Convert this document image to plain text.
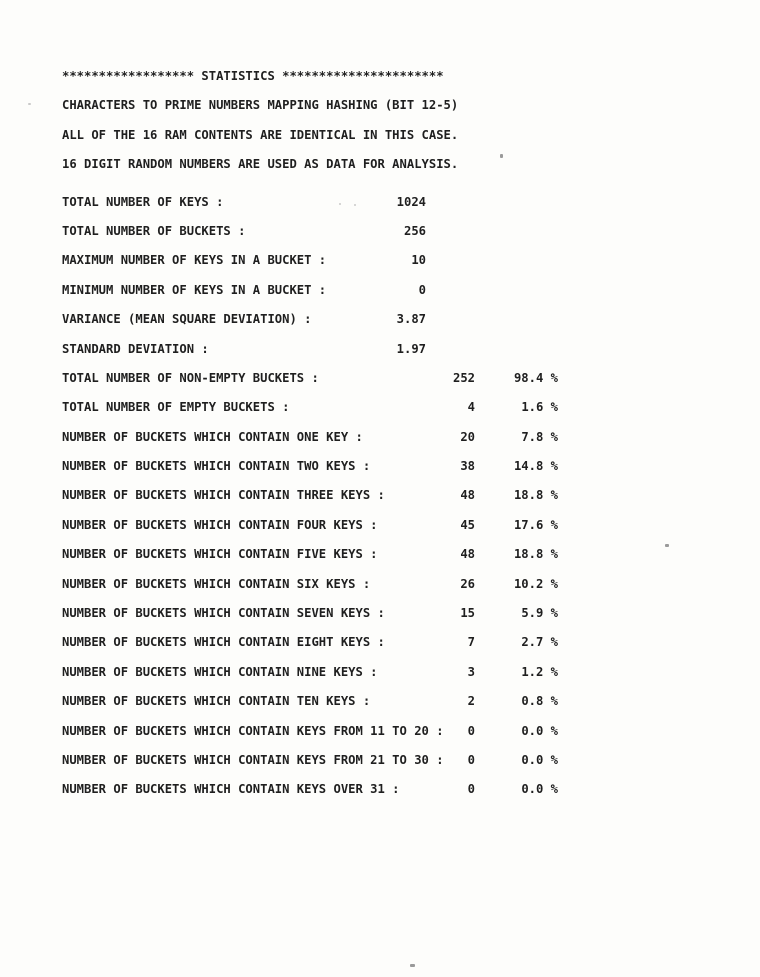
****************** STATISTICS **********************
CHARACTERS TO PRIME NUMBERS MAPPING HASHING (BIT 12-5)
ALL OF THE 16 RAM CONTENTS ARE IDENTICAL IN THIS CASE.
16 DIGIT RANDOM NUMBERS ARE USED AS DATA FOR ANALYSIS.
TOTAL NUMBER OF KEYS :	1024
TOTAL NUMBER OF BUCKETS :	256
MAXIMUM NUMBER OF KEYS IN A BUCKET :	10
MINIMUM NUMBER OF KEYS IN A BUCKET :	0
VARIANCE (MEAN SQUARE DEVIATION) :	3.87
STANDARD DEVIATION :	1.97
TOTAL NUMBER OF NON-EMPTY BUCKETS :	252	98.4 %
TOTAL NUMBER OF EMPTY BUCKETS :	4	1.6 %
NUMBER OF BUCKETS WHICH CONTAIN ONE KEY :	20	7.8 %
NUMBER OF BUCKETS WHICH CONTAIN TWO KEYS :	38	14.8 %
NUMBER OF BUCKETS WHICH CONTAIN THREE KEYS :	48	18.8 %
NUMBER OF BUCKETS WHICH CONTAIN FOUR KEYS :	45	17.6 %
NUMBER OF BUCKETS WHICH CONTAIN FIVE KEYS :	48	18.8 %
NUMBER OF BUCKETS WHICH CONTAIN SIX KEYS :	26	10.2 %
NUMBER OF BUCKETS WHICH CONTAIN SEVEN KEYS :	15	5.9 %
NUMBER OF BUCKETS WHICH CONTAIN EIGHT KEYS :	7	2.7 %
NUMBER OF BUCKETS WHICH CONTAIN NINE KEYS :	3	1.2 %
NUMBER OF BUCKETS WHICH CONTAIN TEN KEYS :	2	0.8 %
NUMBER OF BUCKETS WHICH CONTAIN KEYS FROM 11 TO 20 :	0	0.0 %
NUMBER OF BUCKETS WHICH CONTAIN KEYS FROM 21 TO 30 :	0	0.0 %
NUMBER OF BUCKETS WHICH CONTAIN KEYS OVER 31 :	0	0.0 %
